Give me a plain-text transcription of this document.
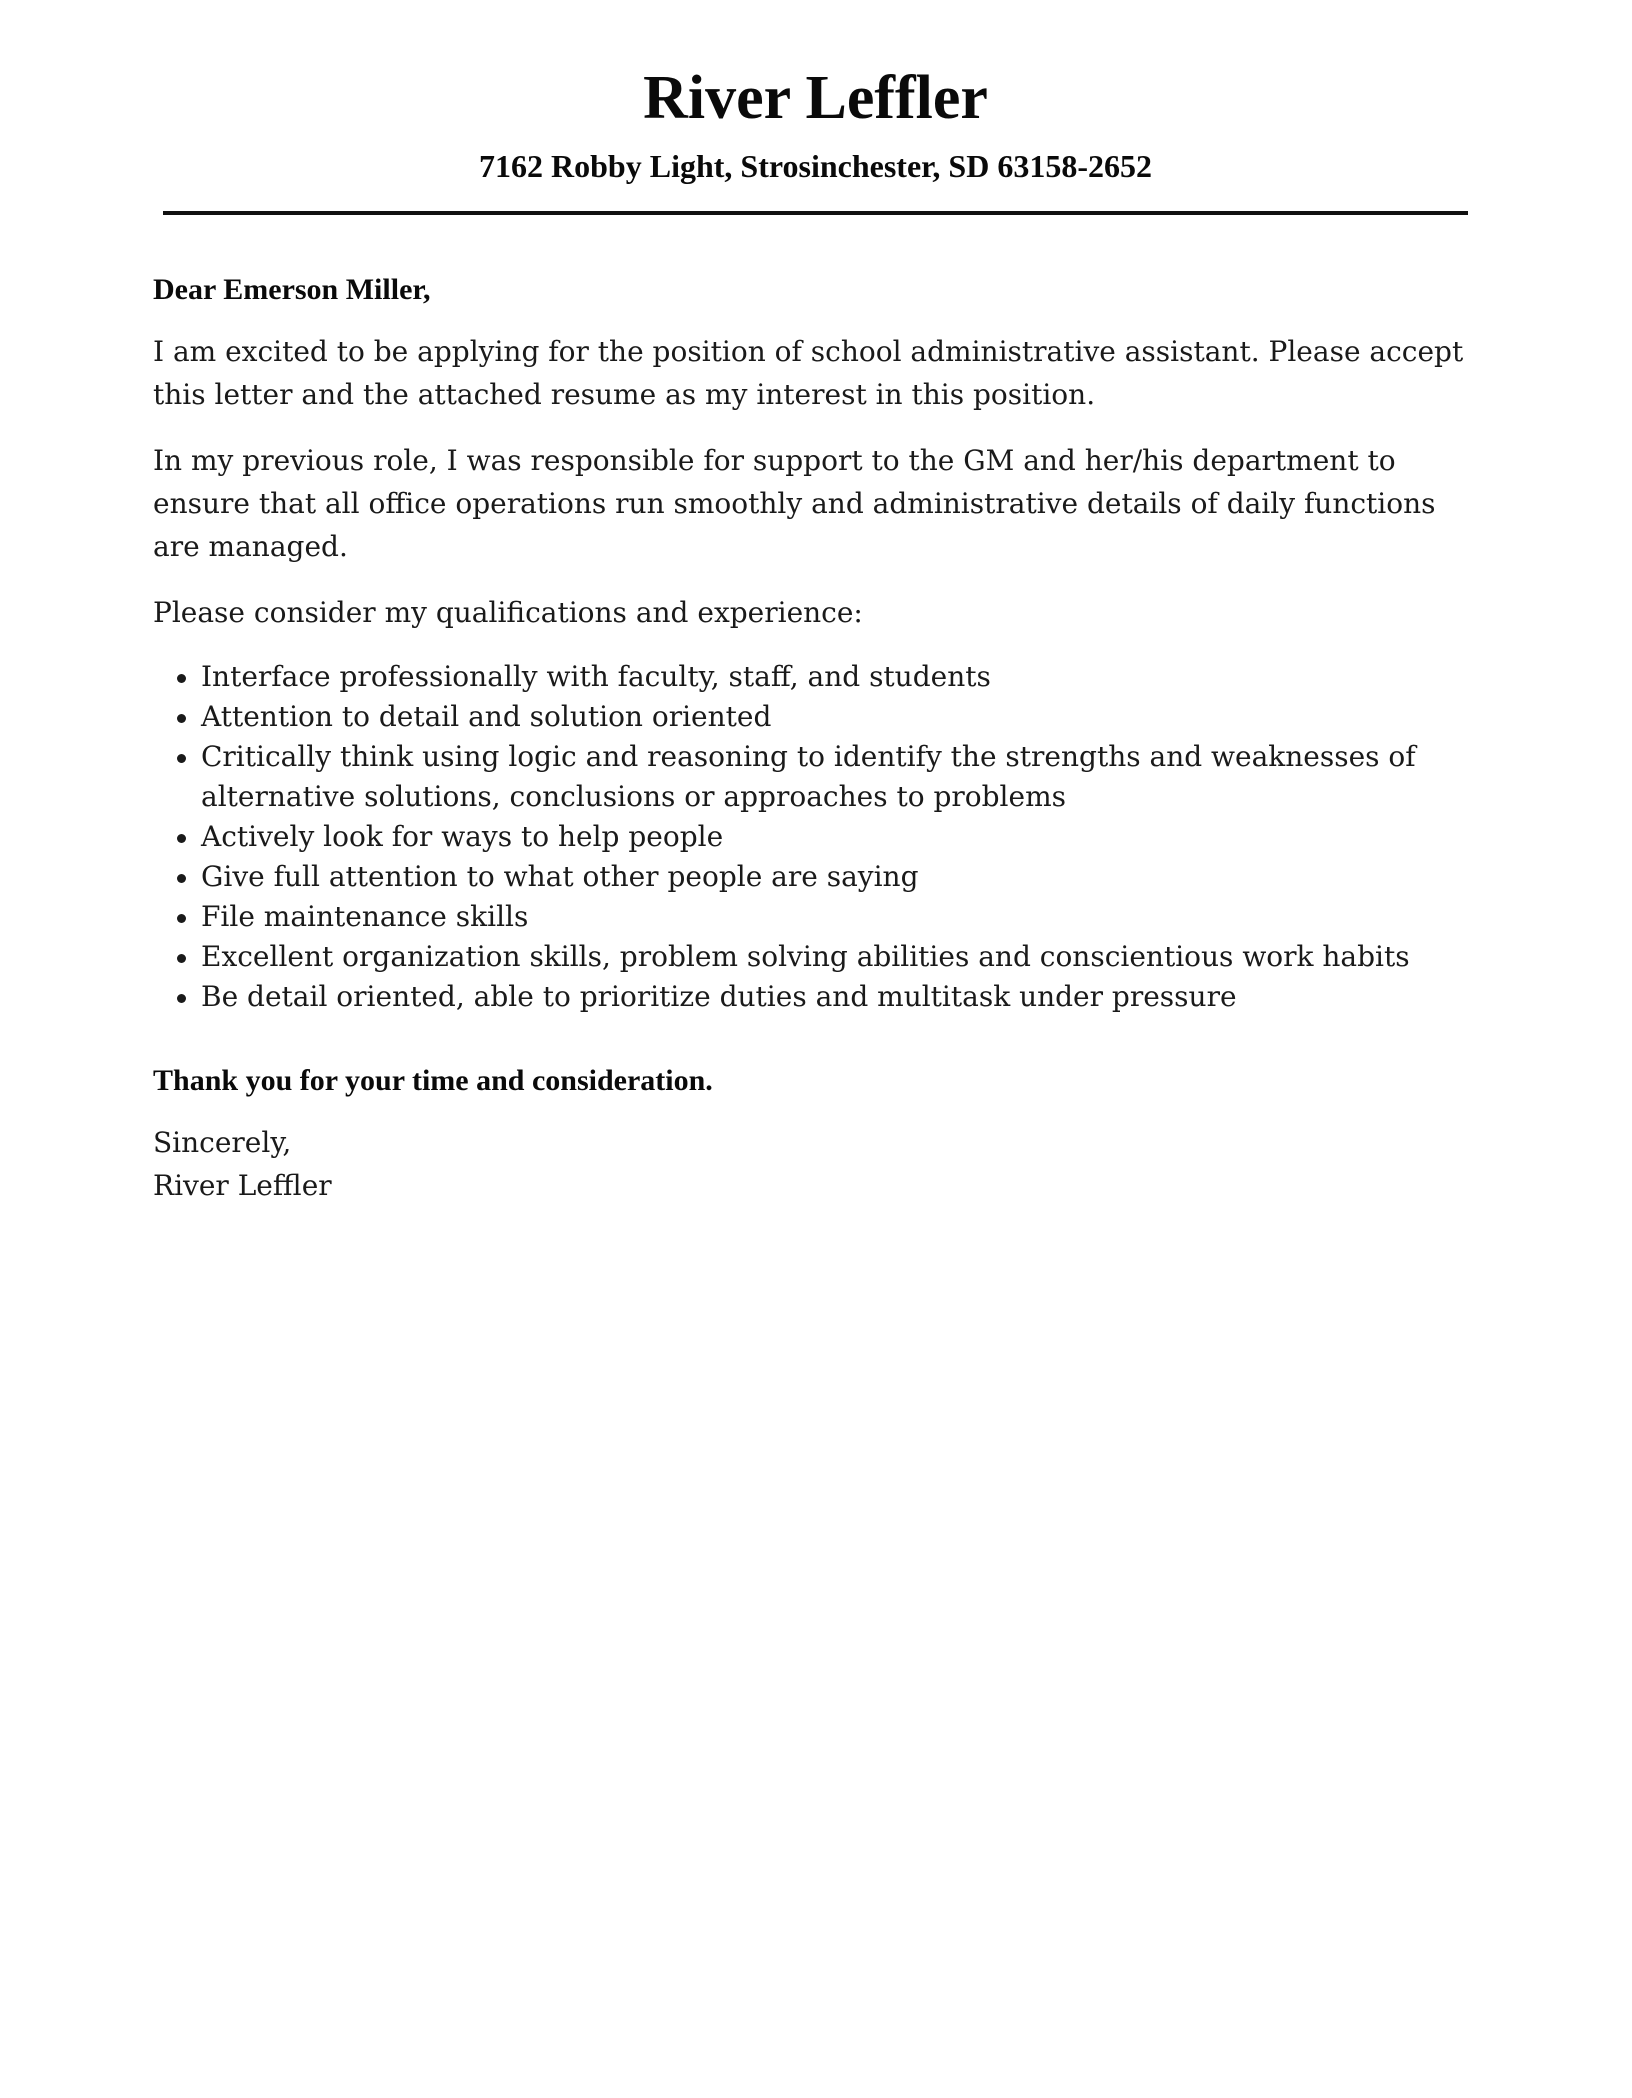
River Leffler
7162 Robby Light, Strosinchester, SD 63158-2652

Dear Emerson Miller,

I am excited to be applying for the position of school administrative assistant. Please accept this letter and the attached resume as my interest in this position.

In my previous role, I was responsible for support to the GM and her/his department to ensure that all office operations run smoothly and administrative details of daily functions are managed.

Please consider my qualifications and experience:

Interface professionally with faculty, staff, and students
Attention to detail and solution oriented
Critically think using logic and reasoning to identify the strengths and weaknesses of alternative solutions, conclusions or approaches to problems
Actively look for ways to help people
Give full attention to what other people are saying
File maintenance skills
Excellent organization skills, problem solving abilities and conscientious work habits
Be detail oriented, able to prioritize duties and multitask under pressure

Thank you for your time and consideration.

Sincerely,

River Leffler
